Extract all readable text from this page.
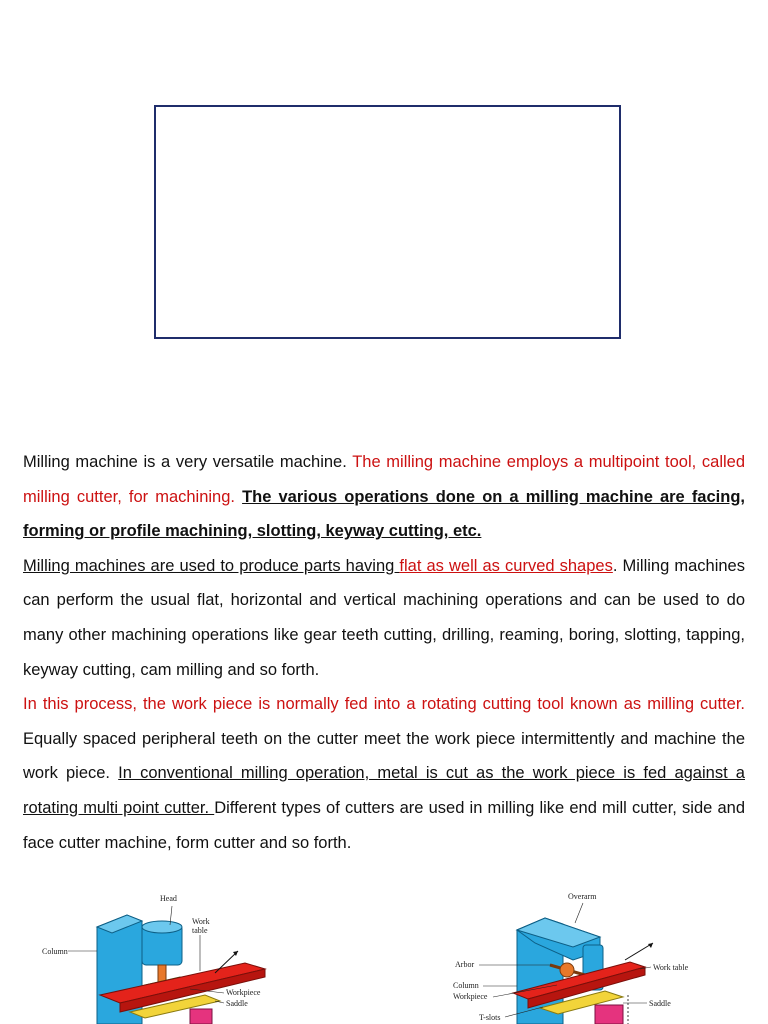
Milling machine is a very versatile machine. The milling machine employs a multipoint tool, called milling cutter, for machining. The various operations done on a milling machine are facing, forming or profile machining, slotting, keyway cutting, etc.

Milling machines are used to produce parts having flat as well as curved shapes. Milling machines can perform the usual flat, horizontal and vertical machining operations and can be used to do many other machining operations like gear teeth cutting, drilling, reaming, boring, slotting, tapping, keyway cutting, cam milling and so forth.

In this process, the work piece is normally fed into a rotating cutting tool known as milling cutter. Equally spaced peripheral teeth on the cutter meet the work piece intermittently and machine the work piece. In conventional milling operation, metal is cut as the work piece is fed against a rotating multi point cutter. Different types of cutters are used in milling like end mill cutter, side and face cutter machine, form cutter and so forth.

Head
Work
table
Column
Workpiece
Saddle
Overarm
Arbor	Work table
Column
Workpiece
Saddle
T-slots
